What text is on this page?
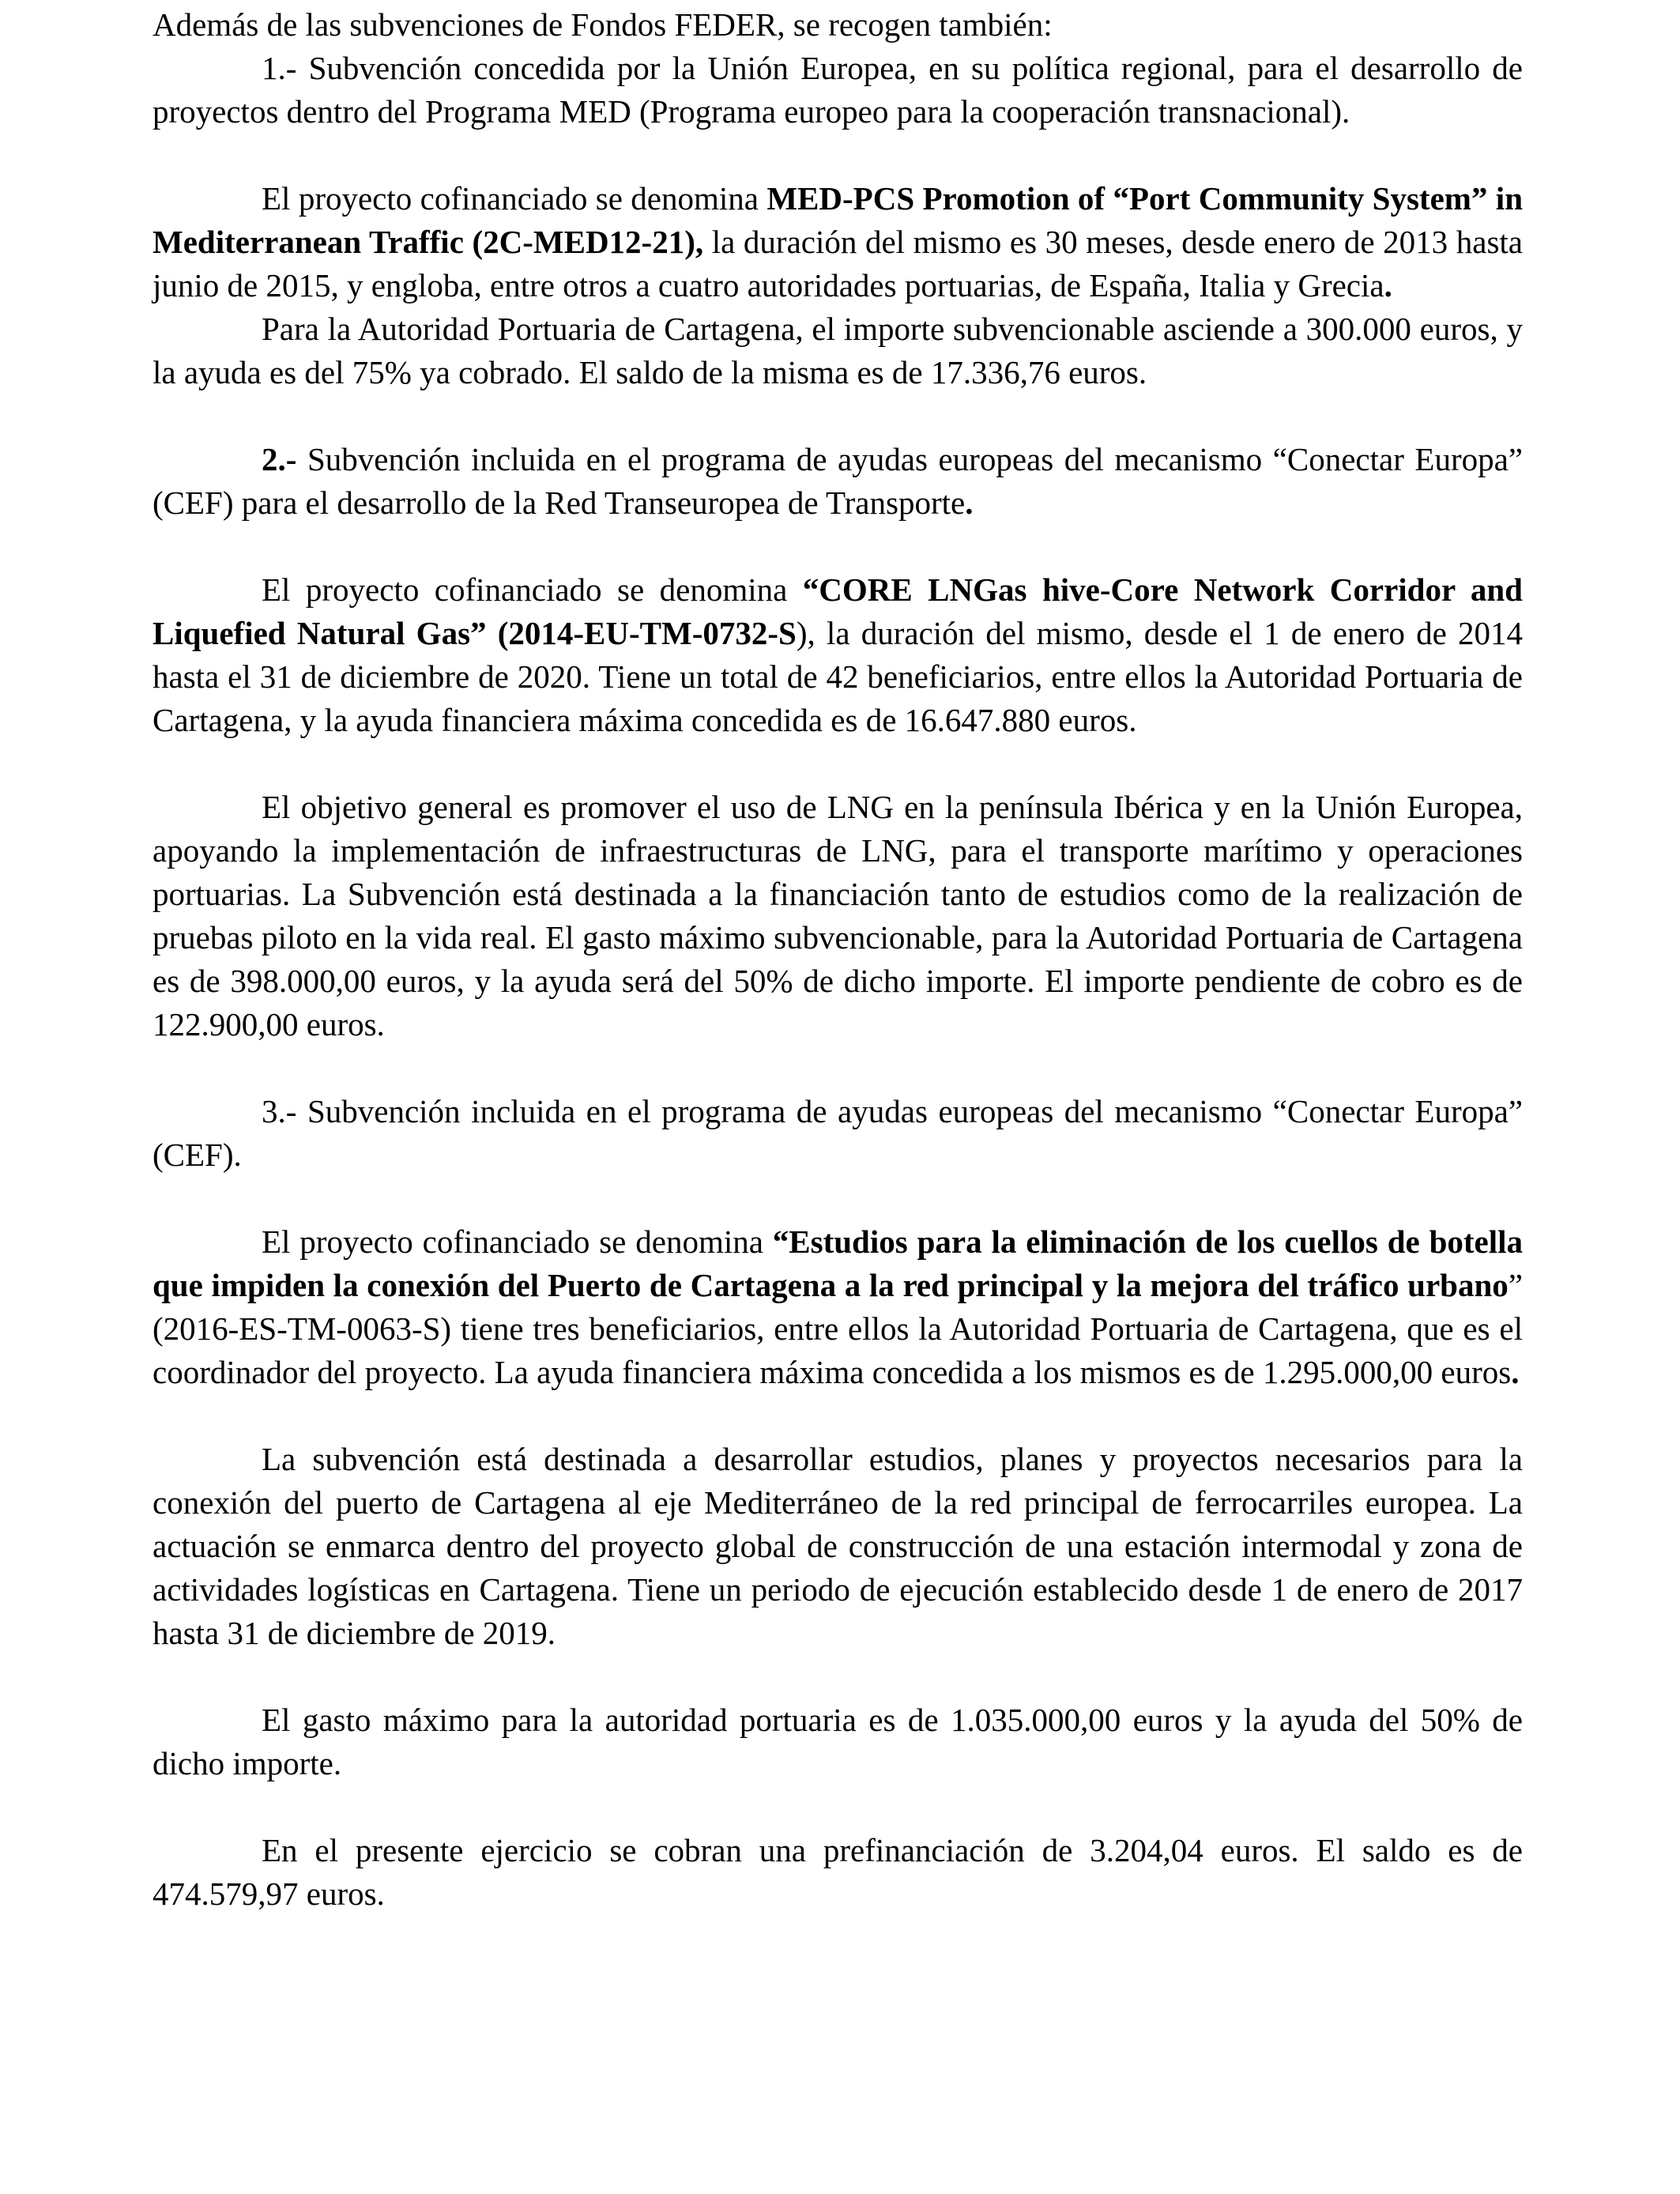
Además de las subvenciones de Fondos FEDER, se recogen también:

1.- Subvención concedida por la Unión Europea, en su política regional, para el desarrollo de proyectos dentro del Programa MED (Programa europeo para la cooperación transnacional).

El proyecto cofinanciado se denomina MED-PCS Promotion of “Port Community System” in Mediterranean Traffic (2C-MED12-21), la duración del mismo es 30 meses, desde enero de 2013 hasta junio de 2015, y engloba, entre otros a cuatro autoridades portuarias, de España, Italia y Grecia.

Para la Autoridad Portuaria de Cartagena, el importe subvencionable asciende a 300.000 euros, y la ayuda es del 75% ya cobrado. El saldo de la misma es de 17.336,76 euros.

2.- Subvención incluida en el programa de ayudas europeas del mecanismo “Conectar Europa” (CEF) para el desarrollo de la Red Transeuropea de Transporte.

El proyecto cofinanciado se denomina “CORE LNGas hive-Core Network Corridor and Liquefied Natural Gas” (2014-EU-TM-0732-S), la duración del mismo, desde el 1 de enero de 2014 hasta el 31 de diciembre de 2020. Tiene un total de 42 beneficiarios, entre ellos la Autoridad Portuaria de Cartagena, y la ayuda financiera máxima concedida es de 16.647.880 euros.

El objetivo general es promover el uso de LNG en la península Ibérica y en la Unión Europea, apoyando la implementación de infraestructuras de LNG, para el transporte marítimo y operaciones portuarias. La Subvención está destinada a la financiación tanto de estudios como de la realización de pruebas piloto en la vida real. El gasto máximo subvencionable, para la Autoridad Portuaria de Cartagena es de 398.000,00 euros, y la ayuda será del 50% de dicho importe. El importe pendiente de cobro es de 122.900,00 euros.

3.- Subvención incluida en el programa de ayudas europeas del mecanismo “Conectar Europa” (CEF).

El proyecto cofinanciado se denomina “Estudios para la eliminación de los cuellos de botella que impiden la conexión del Puerto de Cartagena a la red principal y la mejora del tráfico urbano” (2016-ES-TM-0063-S) tiene tres beneficiarios, entre ellos la Autoridad Portuaria de Cartagena, que es el coordinador del proyecto. La ayuda financiera máxima concedida a los mismos es de 1.295.000,00 euros.

La subvención está destinada a desarrollar estudios, planes y proyectos necesarios para la conexión del puerto de Cartagena al eje Mediterráneo de la red principal de ferrocarriles europea. La actuación se enmarca dentro del proyecto global de construcción de una estación intermodal y zona de actividades logísticas en Cartagena. Tiene un periodo de ejecución establecido desde 1 de enero de 2017 hasta 31 de diciembre de 2019.

El gasto máximo para la autoridad portuaria es de 1.035.000,00 euros y la ayuda del 50% de dicho importe.

En el presente ejercicio se cobran una prefinanciación de 3.204,04 euros. El saldo es de 474.579,97 euros.
